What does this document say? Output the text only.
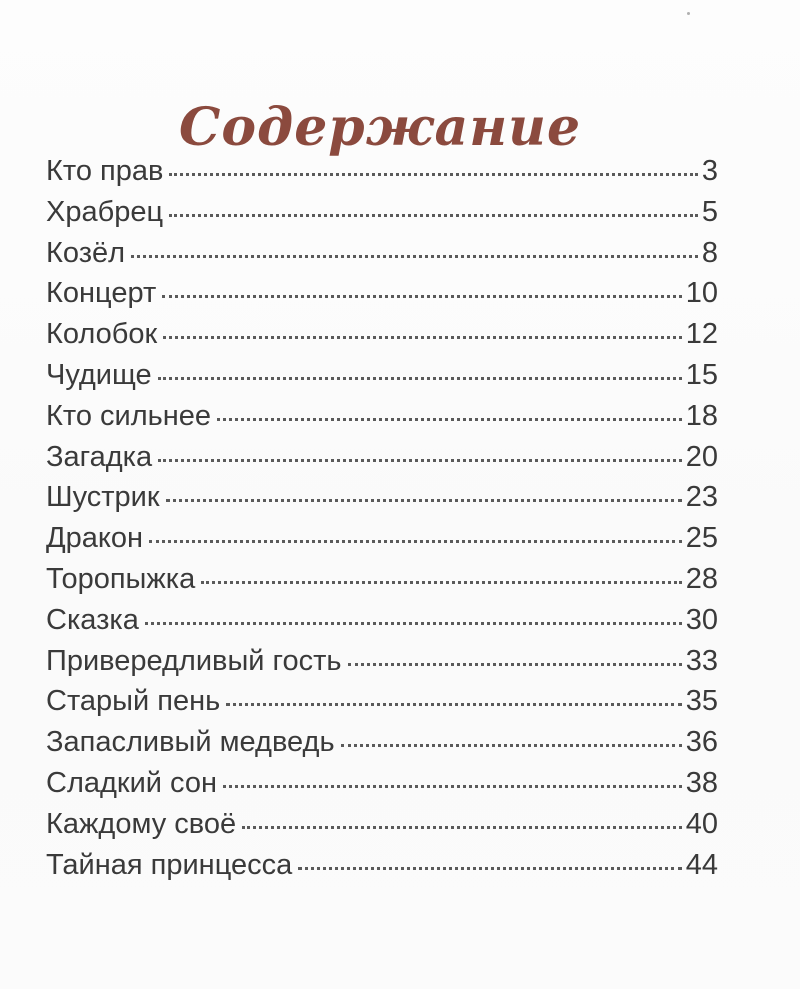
Содержание
Кто прав	3
Храбрец	5
Козёл	8
Концерт	10
Колобок	12
Чудище	15
Кто сильнее	18
Загадка	20
Шустрик	23
Дракон	25
Торопыжка	28
Сказка	30
Привередливый гость	33
Старый пень	35
Запасливый медведь	36
Сладкий сон	38
Каждому своё	40
Тайная принцесса	44
